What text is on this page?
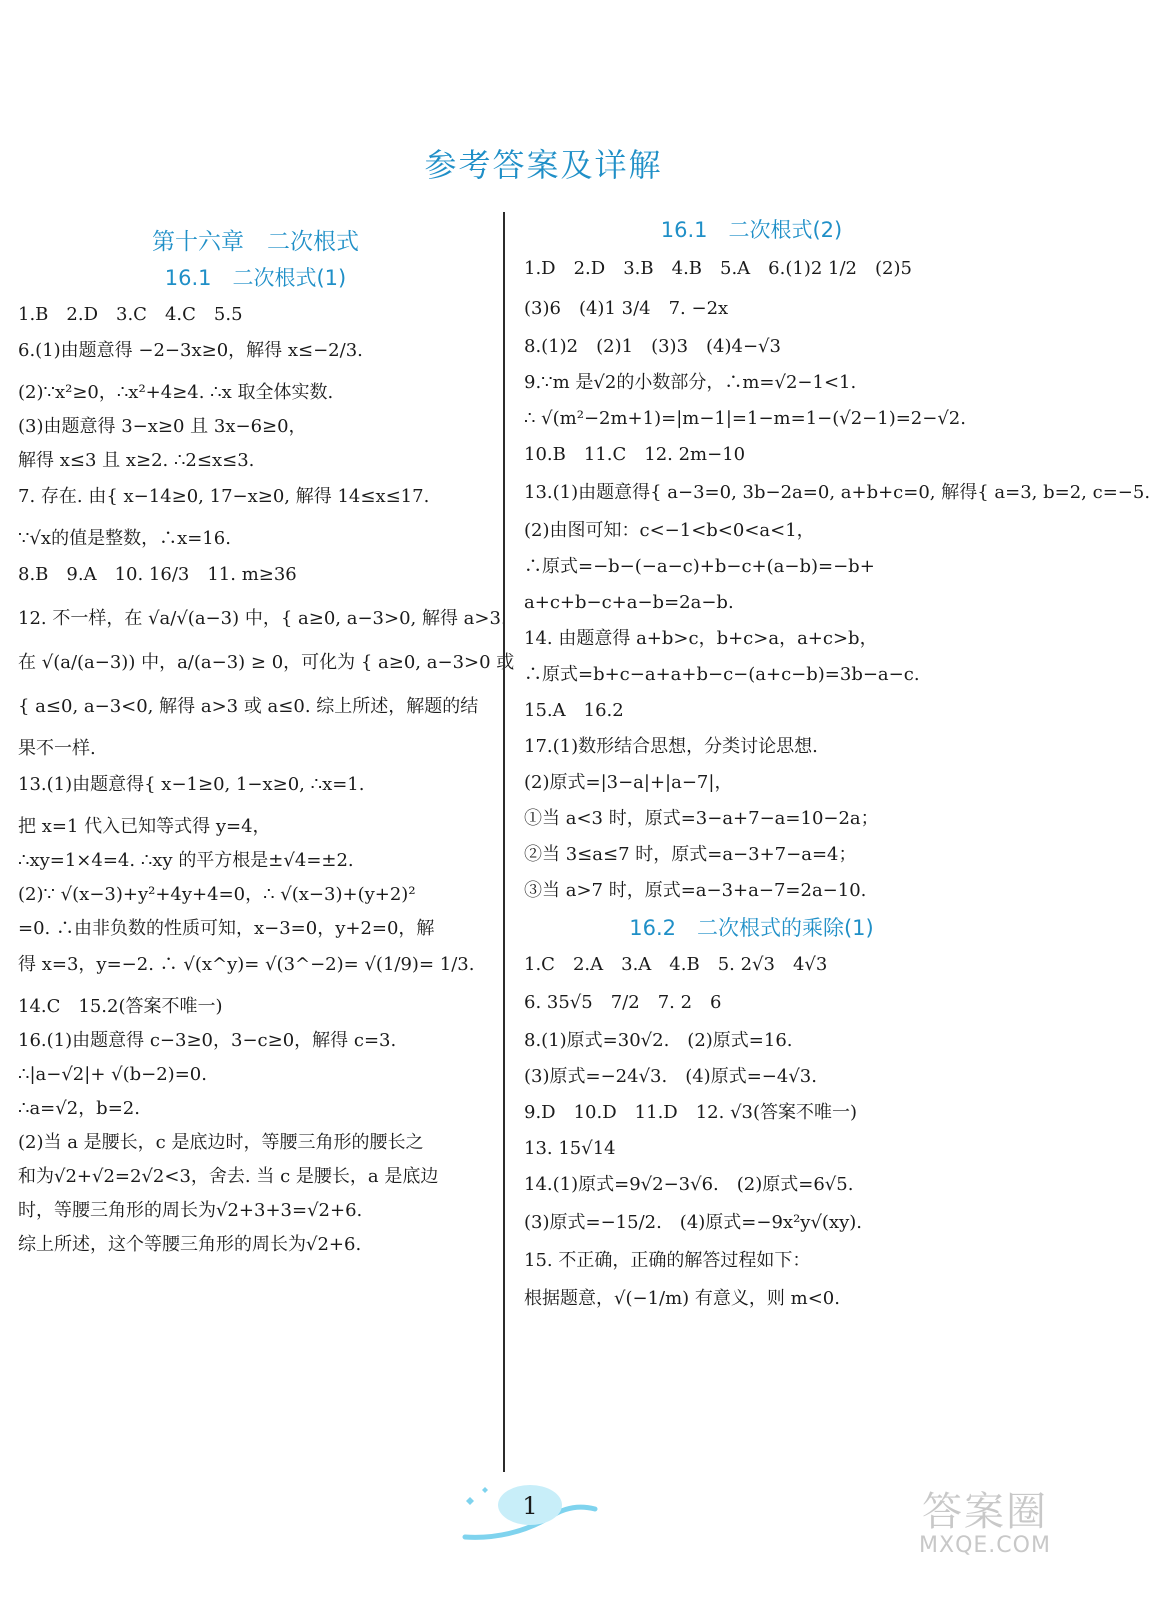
参考答案及详解
第十六章　二次根式
16.1　二次根式(1)
1.B　2.D　3.C　4.C　5.5
6.(1)由题意得 −2−3x≥0，解得 x≤−2/3.
(2)∵x²≥0，∴x²+4≥4. ∴x 取全体实数.
(3)由题意得 3−x≥0 且 3x−6≥0，
解得 x≤3 且 x≥2. ∴2≤x≤3.
7. 存在. 由{ x−14≥0, 17−x≥0, 解得 14≤x≤17.
∵√x的值是整数，∴x=16.
8.B　9.A　10. 16/3　11. m≥36
12. 不一样，在 √a/√(a−3) 中，{ a≥0, a−3>0, 解得 a>3.
在 √(a/(a−3)) 中，a/(a−3) ≥ 0，可化为 { a≥0, a−3>0 或
{ a≤0, a−3<0, 解得 a>3 或 a≤0. 综上所述，解题的结
果不一样.
13.(1)由题意得{ x−1≥0, 1−x≥0, ∴x=1.
把 x=1 代入已知等式得 y=4，
∴xy=1×4=4. ∴xy 的平方根是±√4=±2.
(2)∵ √(x−3)+y²+4y+4=0，∴ √(x−3)+(y+2)²
=0. ∴由非负数的性质可知，x−3=0，y+2=0，解
得 x=3，y=−2. ∴ √(x^y)= √(3^−2)= √(1/9)= 1/3.
14.C　15.2(答案不唯一)
16.(1)由题意得 c−3≥0，3−c≥0，解得 c=3.
∴|a−√2|+ √(b−2)=0.
∴a=√2，b=2.
(2)当 a 是腰长，c 是底边时，等腰三角形的腰长之
和为√2+√2=2√2<3，舍去. 当 c 是腰长，a 是底边
时，等腰三角形的周长为√2+3+3=√2+6.
综上所述，这个等腰三角形的周长为√2+6.
16.1　二次根式(2)
1.D　2.D　3.B　4.B　5.A　6.(1)2 1/2　(2)5
(3)6　(4)1 3/4　7. −2x
8.(1)2　(2)1　(3)3　(4)4−√3
9.∵m 是√2的小数部分，∴m=√2−1<1.
∴ √(m²−2m+1)=|m−1|=1−m=1−(√2−1)=2−√2.
10.B　11.C　12. 2m−10
13.(1)由题意得{ a−3=0, 3b−2a=0, a+b+c=0, 解得{ a=3, b=2, c=−5.
(2)由图可知：c<−1<b<0<a<1，
∴原式=−b−(−a−c)+b−c+(a−b)=−b+
a+c+b−c+a−b=2a−b.
14. 由题意得 a+b>c，b+c>a，a+c>b，
∴原式=b+c−a+a+b−c−(a+c−b)=3b−a−c.
15.A　16.2
17.(1)数形结合思想，分类讨论思想.
(2)原式=|3−a|+|a−7|，
①当 a<3 时，原式=3−a+7−a=10−2a；
②当 3≤a≤7 时，原式=a−3+7−a=4；
③当 a>7 时，原式=a−3+a−7=2a−10.
16.2　二次根式的乘除(1)
1.C　2.A　3.A　4.B　5. 2√3　4√3
6. 35√5　7/2　7. 2　6
8.(1)原式=30√2.　(2)原式=16.
(3)原式=−24√3.　(4)原式=−4√3.
9.D　10.D　11.D　12. √3(答案不唯一)
13. 15√14
14.(1)原式=9√2−3√6.　(2)原式=6√5.
(3)原式=−15/2.　(4)原式=−9x²y√(xy).
15. 不正确，正确的解答过程如下：
根据题意，√(−1/m) 有意义，则 m<0.
1	答案圈
MXQE.COM
